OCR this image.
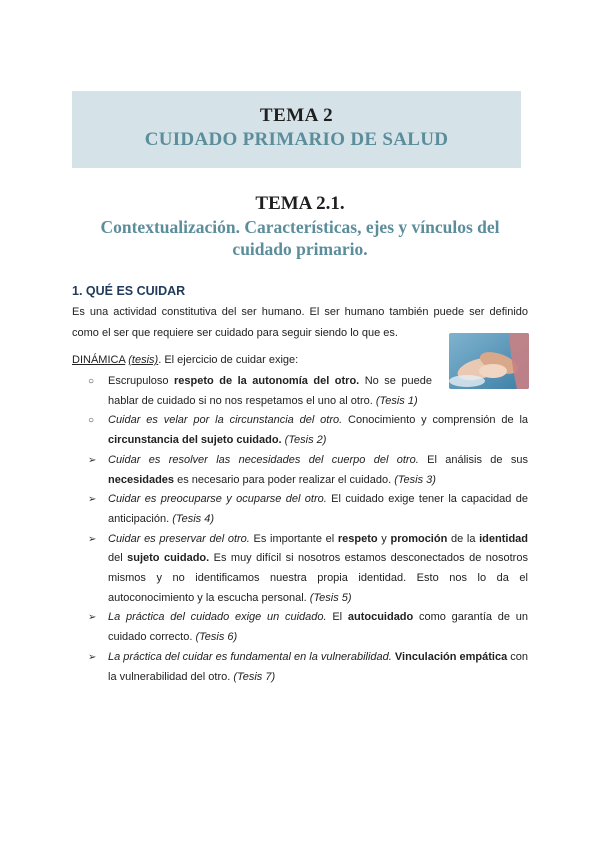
TEMA 2
CUIDADO PRIMARIO DE SALUD
TEMA 2.1.
Contextualización. Características, ejes y vínculos del cuidado primario.
1. QUÉ ES CUIDAR
Es una actividad constitutiva del ser humano. El ser humano también puede ser definido como el ser que requiere ser cuidado para seguir siendo lo que es.
DINÁMICA (tesis). El ejercicio de cuidar exige:
○ Escrupuloso respeto de la autonomía del otro. No se puede hablar de cuidado si no nos respetamos el uno al otro. (Tesis 1)
○ Cuidar es velar por la circunstancia del otro. Conocimiento y comprensión de la circunstancia del sujeto cuidado. (Tesis 2)
➢ Cuidar es resolver las necesidades del cuerpo del otro. El análisis de sus necesidades es necesario para poder realizar el cuidado. (Tesis 3)
➢ Cuidar es preocuparse y ocuparse del otro. El cuidado exige tener la capacidad de anticipación. (Tesis 4)
➢ Cuidar es preservar del otro. Es importante el respeto y promoción de la identidad del sujeto cuidado. Es muy difícil si nosotros estamos desconectados de nosotros mismos y no identificamos nuestra propia identidad. Esto nos lo da el autoconocimiento y la escucha personal. (Tesis 5)
➢ La práctica del cuidado exige un cuidado. El autocuidado como garantía de un cuidado correcto. (Tesis 6)
➢ La práctica del cuidar es fundamental en la vulnerabilidad. Vinculación empática con la vulnerabilidad del otro. (Tesis 7)
